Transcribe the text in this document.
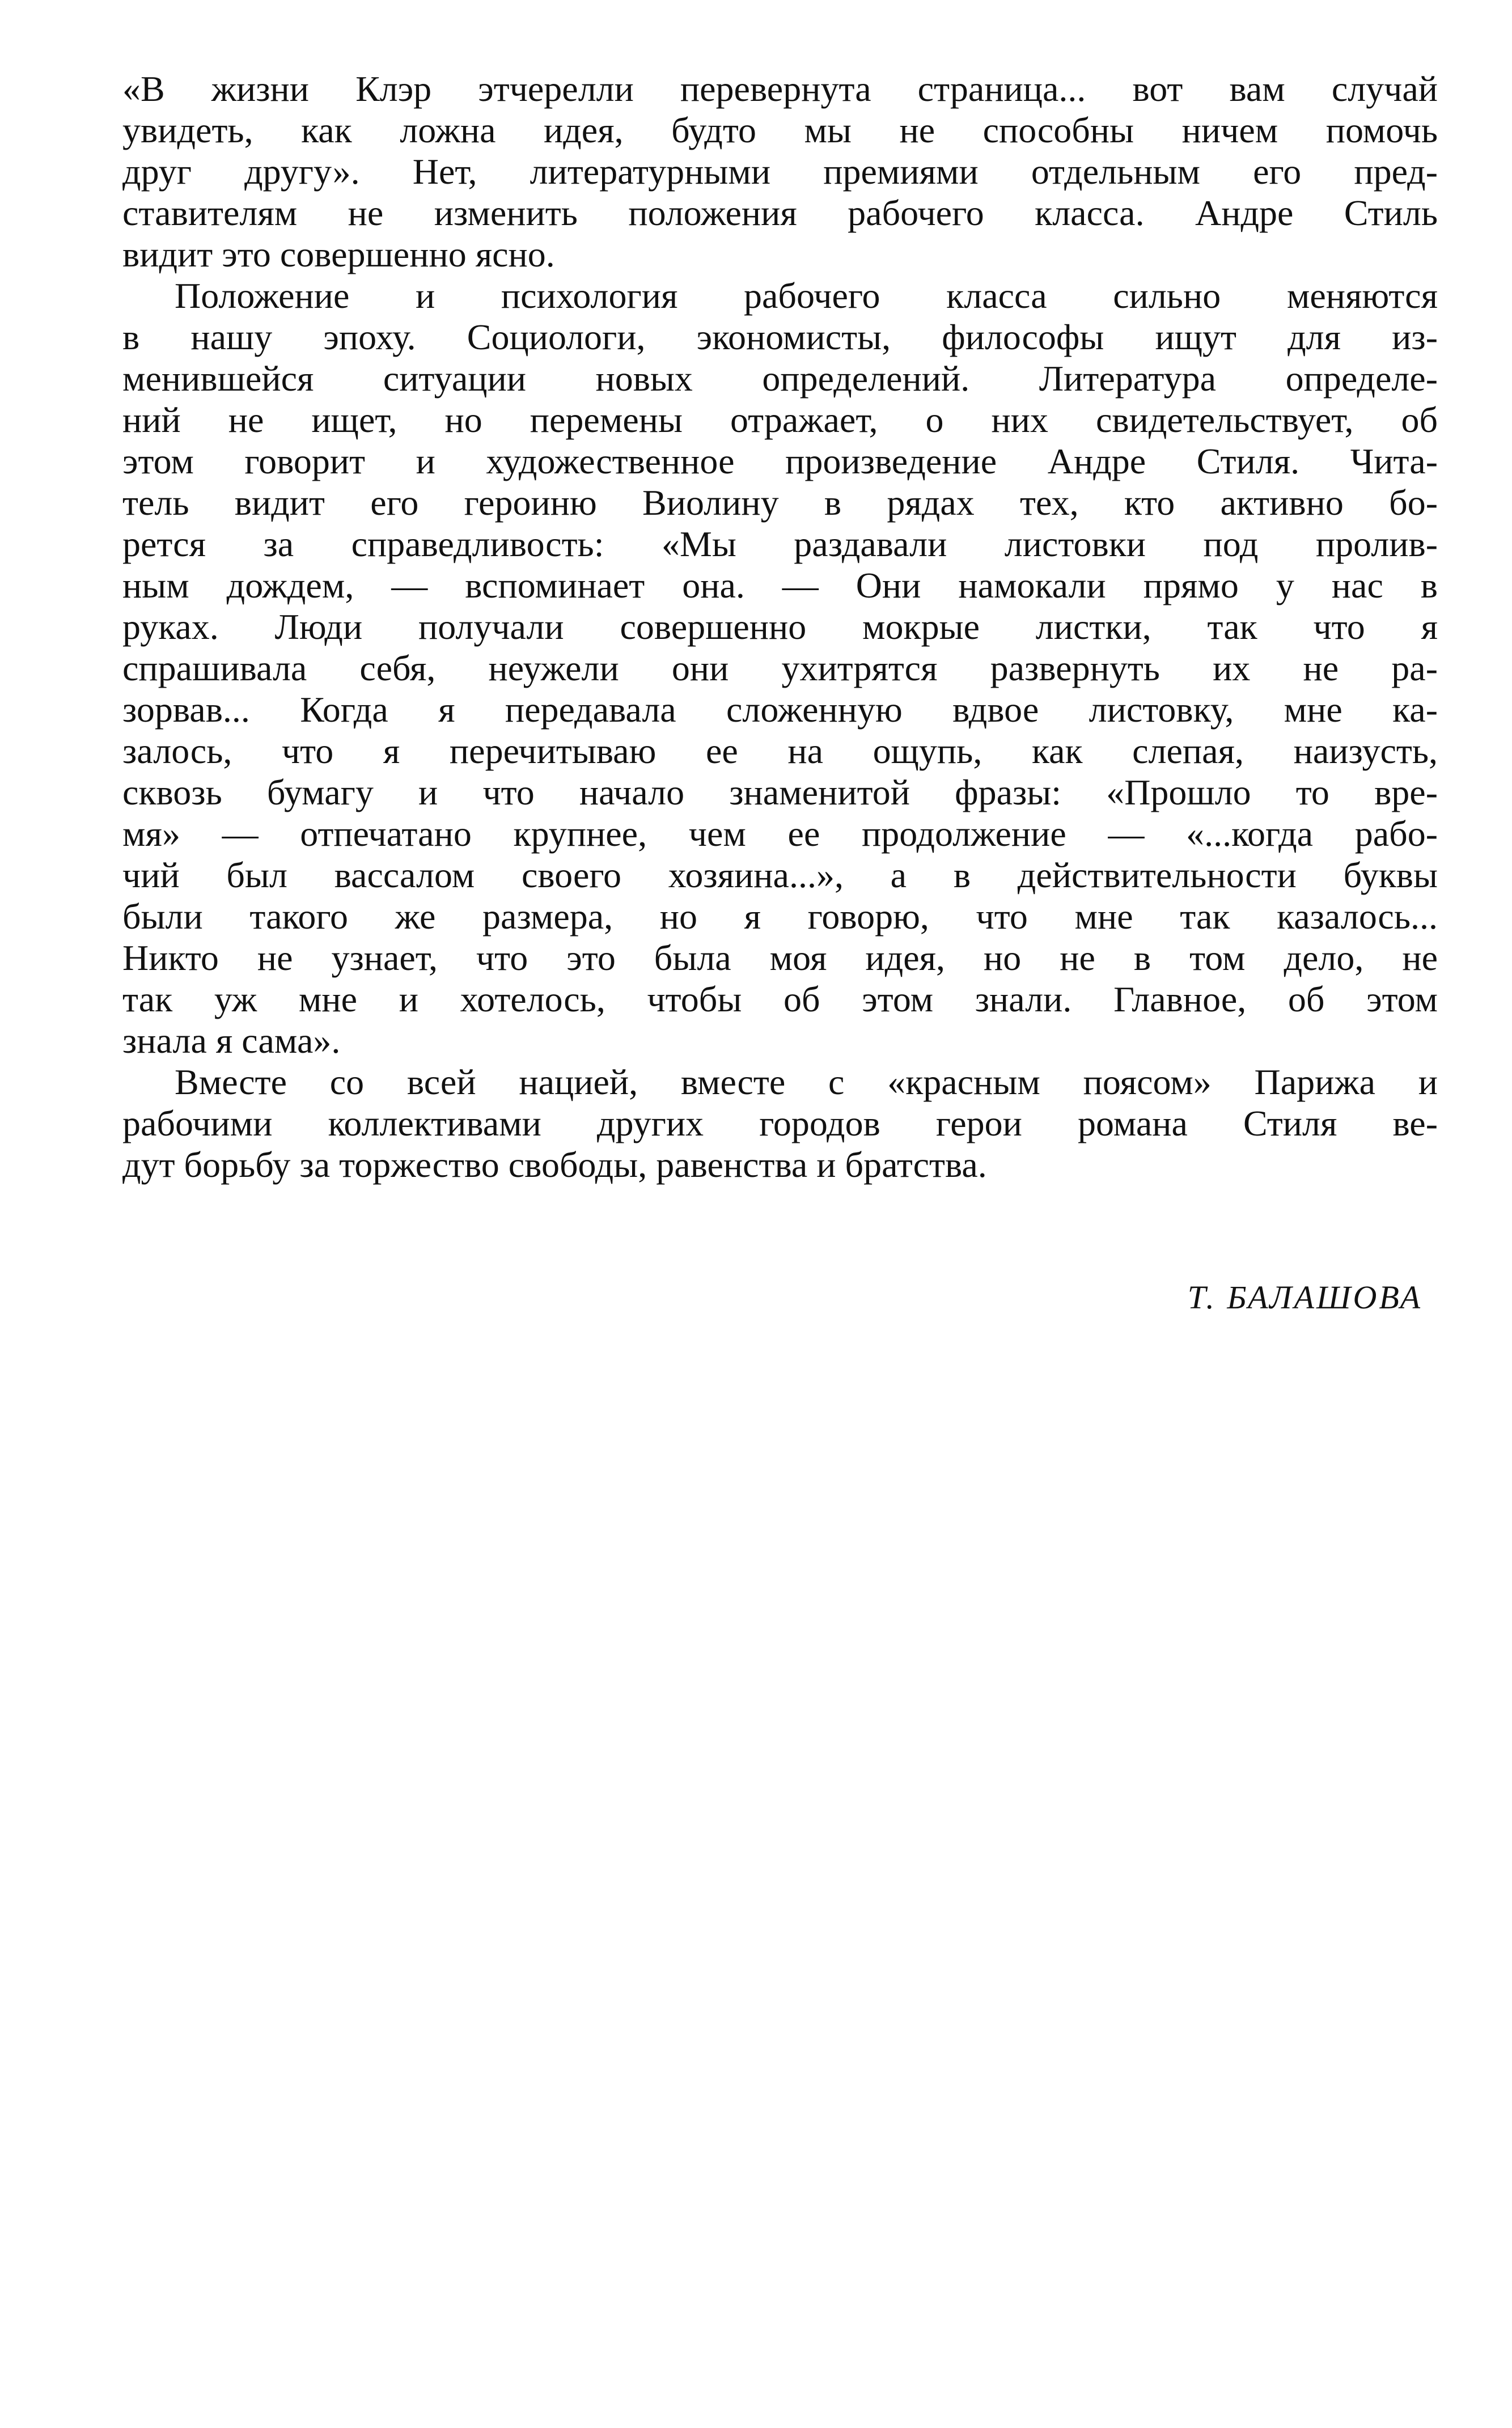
«В жизни Клэр этчерелли перевернута страница... вот вам случай
увидеть, как ложна идея, будто мы не способны ничем помочь
друг другу». Нет, литературными премиями отдельным его пред-
ставителям не изменить положения рабочего класса. Андре Стиль
видит это совершенно ясно.

Положение и психология рабочего класса сильно меняются
в нашу эпоху. Социологи, экономисты, философы ищут для из-
менившейся ситуации новых определений. Литература определе-
ний не ищет, но перемены отражает, о них свидетельствует, об
этом говорит и художественное произведение Андре Стиля. Чита-
тель видит его героиню Виолину в рядах тех, кто активно бо-
рется за справедливость: «Мы раздавали листовки под пролив-
ным дождем, — вспоминает она. — Они намокали прямо у нас в
руках. Люди получали совершенно мокрые листки, так что я
спрашивала себя, неужели они ухитрятся развернуть их не ра-
зорвав... Когда я передавала сложенную вдвое листовку, мне ка-
залось, что я перечитываю ее на ощупь, как слепая, наизусть,
сквозь бумагу и что начало знаменитой фразы: «Прошло то вре-
мя» — отпечатано крупнее, чем ее продолжение — «...когда рабо-
чий был вассалом своего хозяина...», а в действительности буквы
были такого же размера, но я говорю, что мне так казалось...
Никто не узнает, что это была моя идея, но не в том дело, не
так уж мне и хотелось, чтобы об этом знали. Главное, об этом
знала я сама».

Вместе со всей нацией, вместе с «красным поясом» Парижа и
рабочими коллективами других городов герои романа Стиля ве-
дут борьбу за торжество свободы, равенства и братства.

Т. БАЛАШОВА
